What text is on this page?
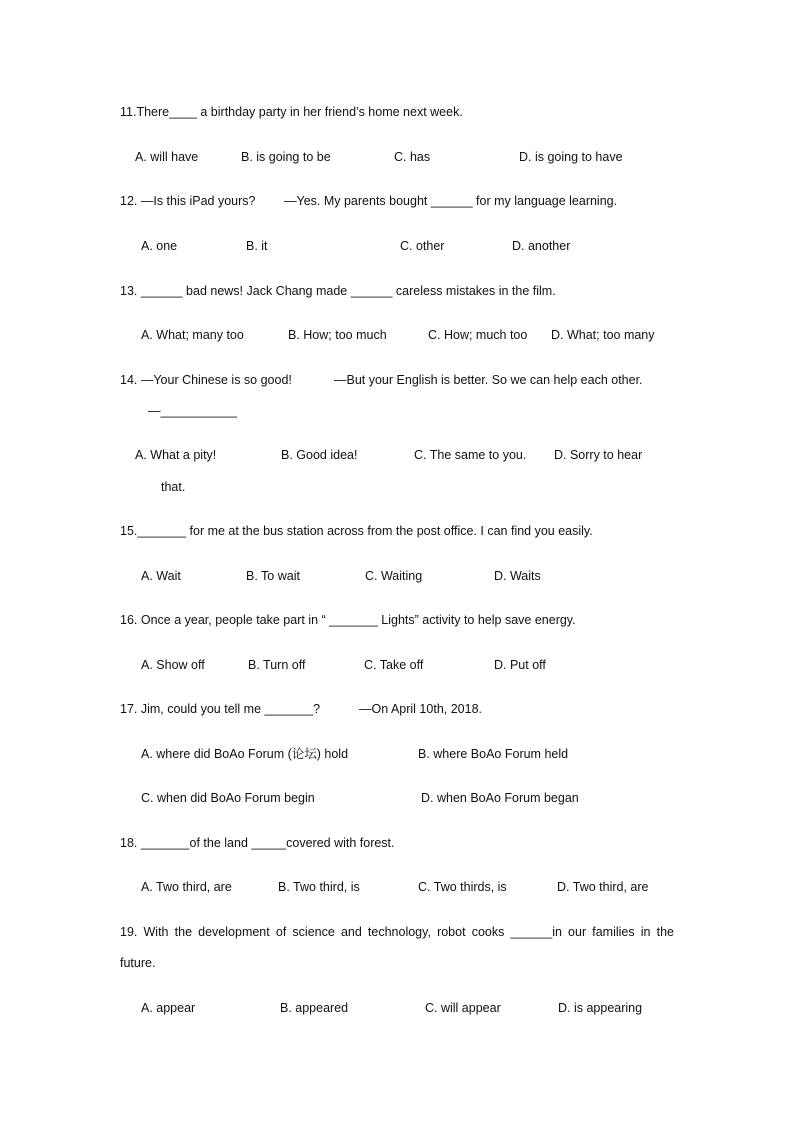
11.There____ a birthday party in her friend’s home next week.
A. will have	B. is going to be	C. has	D. is going to have
12. —Is this iPad yours? —Yes. My parents bought ______ for my language learning.
A. one	B. it	C. other	D. another
13. ______ bad news! Jack Chang made ______ careless mistakes in the film.
A. What; many too	B. How; too much	C. How; much too D. What; too many
14. —Your Chinese is so good!	—But your English is better. So we can help each other.
—___________
A. What a pity!	B. Good idea!	C. The same to you. D. Sorry to hear
that.
15._______ for me at the bus station across from the post office. I can find you easily.
A. Wait	B. To wait	C. Waiting	D. Waits
16. Once a year, people take part in “ _______ Lights” activity to help save energy.
A. Show off	B. Turn off	C. Take off	D. Put off
17. Jim, could you tell me _______?	—On April 10th, 2018.
A. where did BoAo Forum (论坛) hold	B. where BoAo Forum held
C. when did BoAo Forum begin	D. when BoAo Forum began
18. _______of the land _____covered with forest.
A. Two third, are	B. Two third, is	C. Two thirds, is	D. Two third, are
19. With the development of science and technology, robot cooks ______in our families in the
future.
A. appear	B. appeared	C. will appear	D. is appearing
